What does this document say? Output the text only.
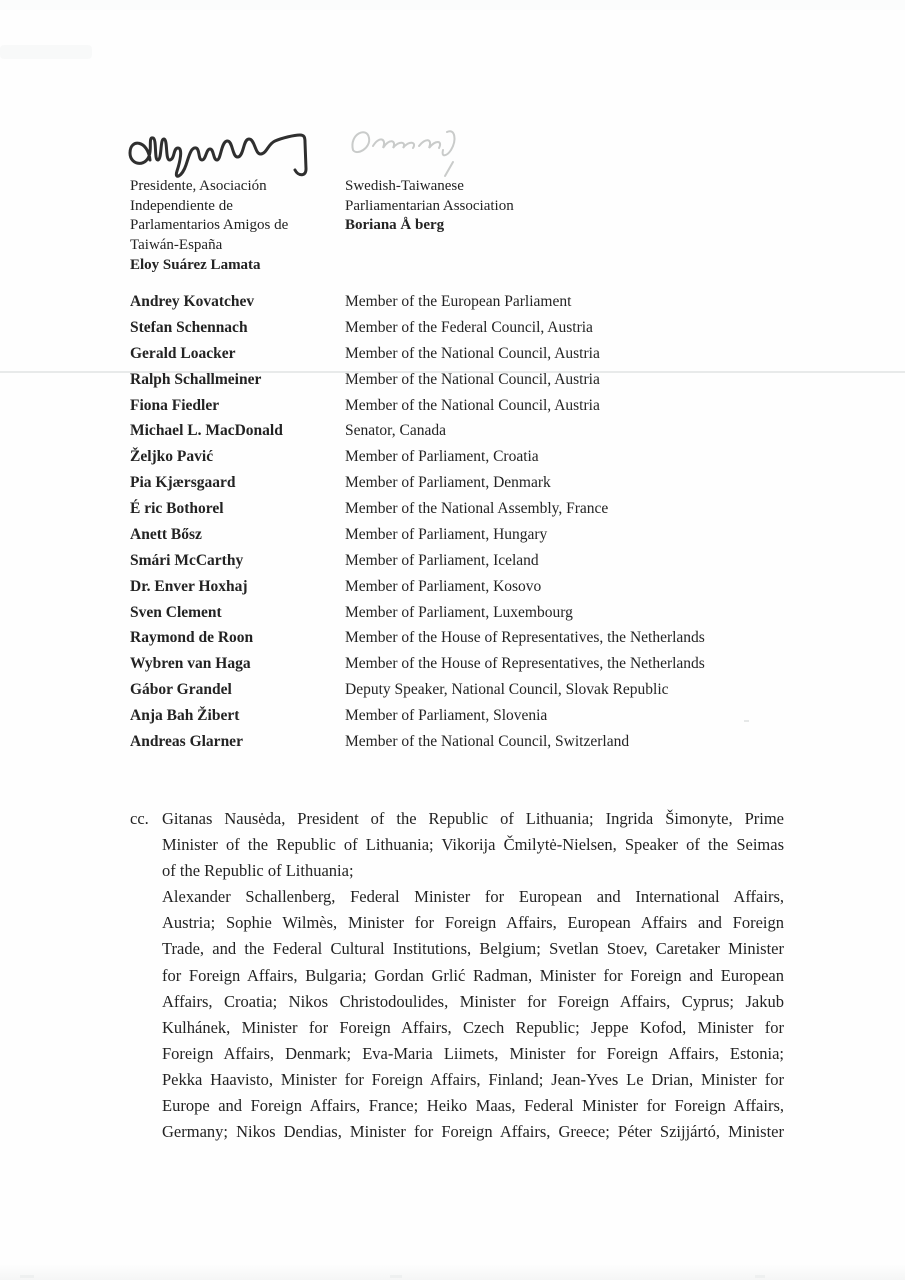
Presidente, Asociación
Independiente de
Parlamentarios Amigos de
Taiwán-España
Eloy Suárez Lamata
Swedish-Taiwanese
Parliamentarian Association
Boriana Å berg
Andrey Kovatchev	Member of the European Parliament
Stefan Schennach	Member of the Federal Council, Austria
Gerald Loacker	Member of the National Council, Austria
Ralph Schallmeiner	Member of the National Council, Austria
Fiona Fiedler	Member of the National Council, Austria
Michael L. MacDonald	Senator, Canada
Željko Pavić	Member of Parliament, Croatia
Pia Kjærsgaard	Member of Parliament, Denmark
É ric Bothorel	Member of the National Assembly, France
Anett Bősz	Member of Parliament, Hungary
Smári McCarthy	Member of Parliament, Iceland
Dr. Enver Hoxhaj	Member of Parliament, Kosovo
Sven Clement	Member of Parliament, Luxembourg
Raymond de Roon	Member of the House of Representatives, the Netherlands
Wybren van Haga	Member of the House of Representatives, the Netherlands
Gábor Grandel	Deputy Speaker, National Council, Slovak Republic
Anja Bah Žibert	Member of Parliament, Slovenia
Andreas Glarner	Member of the National Council, Switzerland
cc. Gitanas Nausėda, President of the Republic of Lithuania; Ingrida Šimonyte, Prime
Minister of the Republic of Lithuania; Vikorija Čmilytė-Nielsen, Speaker of the Seimas
of the Republic of Lithuania;
Alexander Schallenberg, Federal Minister for European and International Affairs,
Austria; Sophie Wilmès, Minister for Foreign Affairs, European Affairs and Foreign
Trade, and the Federal Cultural Institutions, Belgium; Svetlan Stoev, Caretaker Minister
for Foreign Affairs, Bulgaria; Gordan Grlić Radman, Minister for Foreign and European
Affairs, Croatia; Nikos Christodoulides, Minister for Foreign Affairs, Cyprus; Jakub
Kulhánek, Minister for Foreign Affairs, Czech Republic; Jeppe Kofod, Minister for
Foreign Affairs, Denmark; Eva-Maria Liimets, Minister for Foreign Affairs, Estonia;
Pekka Haavisto, Minister for Foreign Affairs, Finland; Jean-Yves Le Drian, Minister for
Europe and Foreign Affairs, France; Heiko Maas, Federal Minister for Foreign Affairs,
Germany; Nikos Dendias, Minister for Foreign Affairs, Greece; Péter Szijjártó, Minister
